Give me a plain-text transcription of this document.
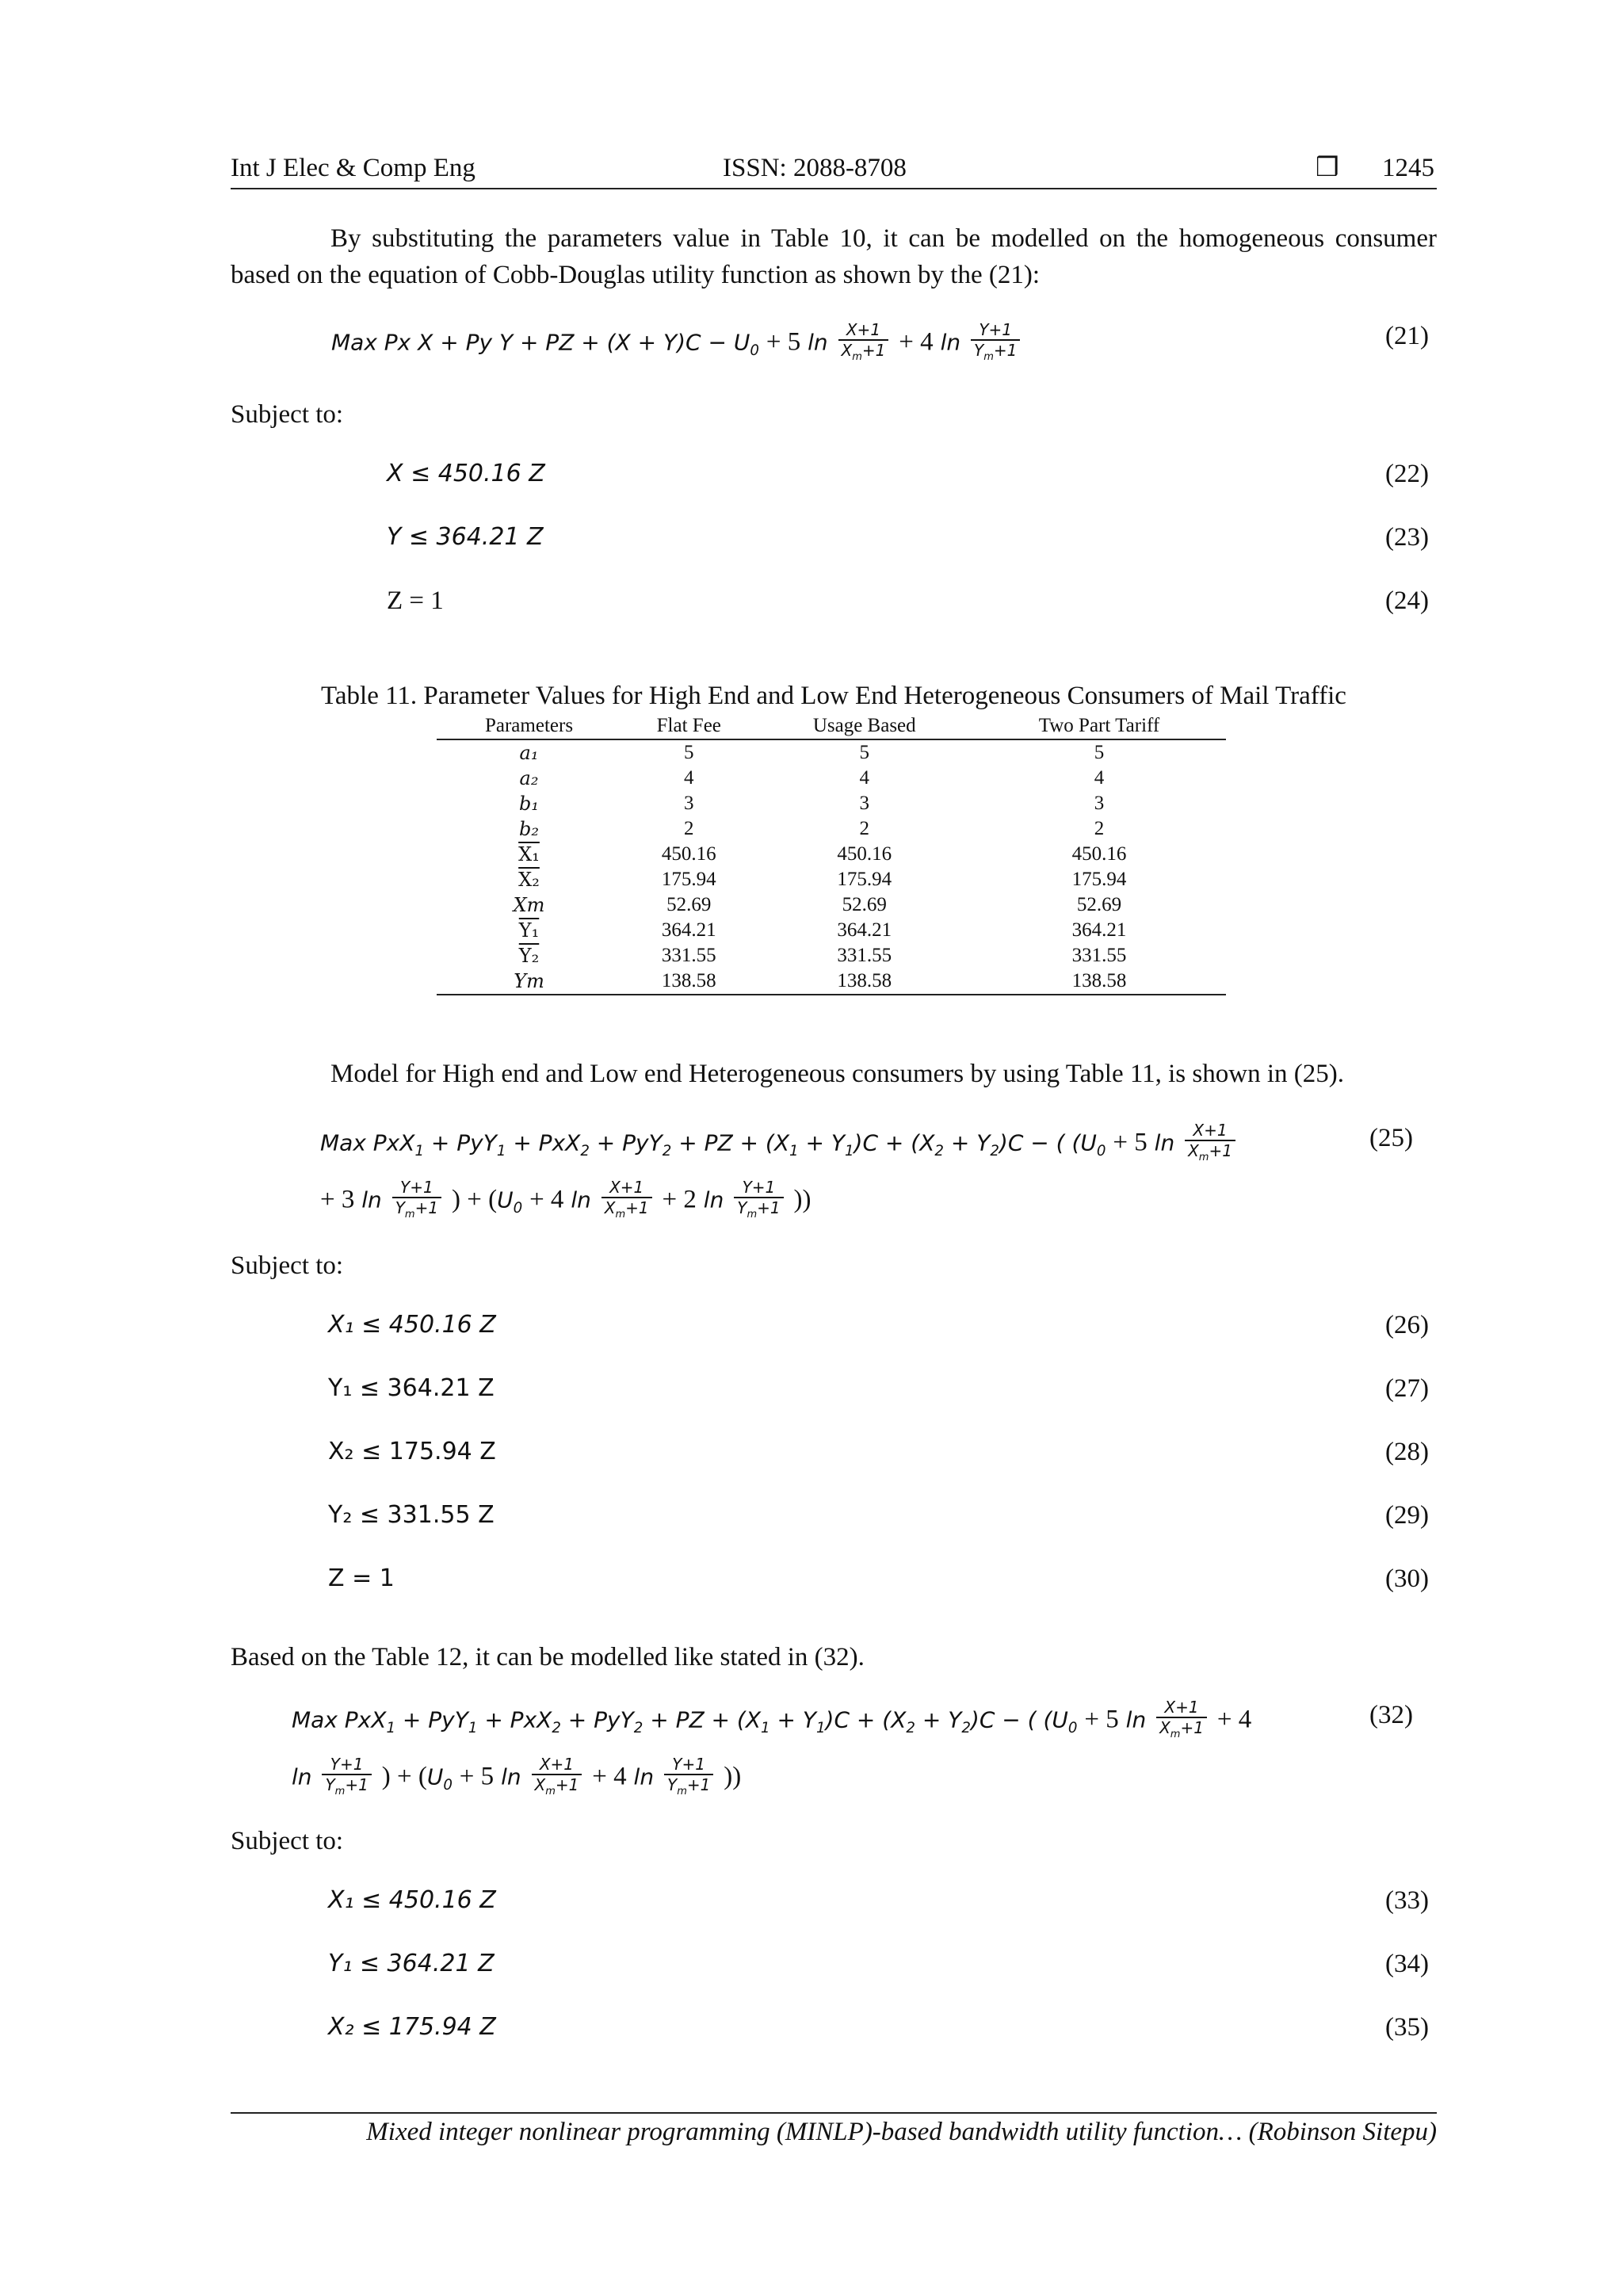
Int J Elec & Comp Eng	ISSN: 2088-8708	❒ 1245
By substituting the parameters value in Table 10, it can be modelled on the homogeneous consumer based on the equation of Cobb-Douglas utility function as shown by the (21):
Max Px X + Py Y + PZ + $(X + Y)C - U_0 + 5$ $\ln \frac{X+1}{X_m+1} + 4$ $\ln \frac{Y+1}{Y_m+1}$	(21)
Subject to:
X ≤ 450.16 Z	(22)
Y ≤ 364.21 Z	(23)
Z = 1	(24)
Table 11. Parameter Values for High End and Low End Heterogeneous Consumers of Mail Traffic
Parameters	Flat Fee	Usage Based	Two Part Tariff
a₁	5	5	5
a₂	4	4	4
b₁	3	3	3
b₂	2	2	2
X₁	450.16	450.16	450.16
X₂	175.94	175.94	175.94
Xm	52.69	52.69	52.69
Y₁	364.21	364.21	364.21
Y₂	331.55	331.55	331.55
Ym	138.58	138.58	138.58
Model for High end and Low end Heterogeneous consumers by using Table 11, is shown in (25).
Max PxX$_1$ + PyY$_1$ + PxX$_2$ + PyY$_2$ + PZ + $(X_1 + Y_1)C + (X_2 + Y_2)C$ − ( ($U_0 + 5$ $\ln \frac{X+1}{X_m+1}$	(25)
+ 3 $\ln \frac{Y+1}{Y_m+1}$ ) + ($U_0 + 4$ $\ln \frac{X+1}{X_m+1} + 2$ $\ln \frac{Y+1}{Y_m+1}$ ))
Subject to:
X₁ ≤ 450.16 Z	(26)
Y₁ ≤ 364.21 Z	(27)
X₂ ≤ 175.94 Z	(28)
Y₂ ≤ 331.55 Z	(29)
Z = 1	(30)
Based on the Table 12, it can be modelled like stated in (32).
Max PxX$_1$ + PyY$_1$ + PxX$_2$ + PyY$_2$ + PZ + $(X_1 + Y_1)C + (X_2 + Y_2)C$ − ( ($U_0 + 5$ $\ln \frac{X+1}{X_m+1} + 4$	(32)
$\ln \frac{Y+1}{Y_m+1}$ ) + ($U_0 + 5$ $\ln \frac{X+1}{X_m+1} + 4$ $\ln \frac{Y+1}{Y_m+1}$ ))
Subject to:
X₁ ≤ 450.16 Z	(33)
Y₁ ≤ 364.21 Z	(34)
X₂ ≤ 175.94 Z	(35)
Mixed integer nonlinear programming (MINLP)-based bandwidth utility function… (Robinson Sitepu)
